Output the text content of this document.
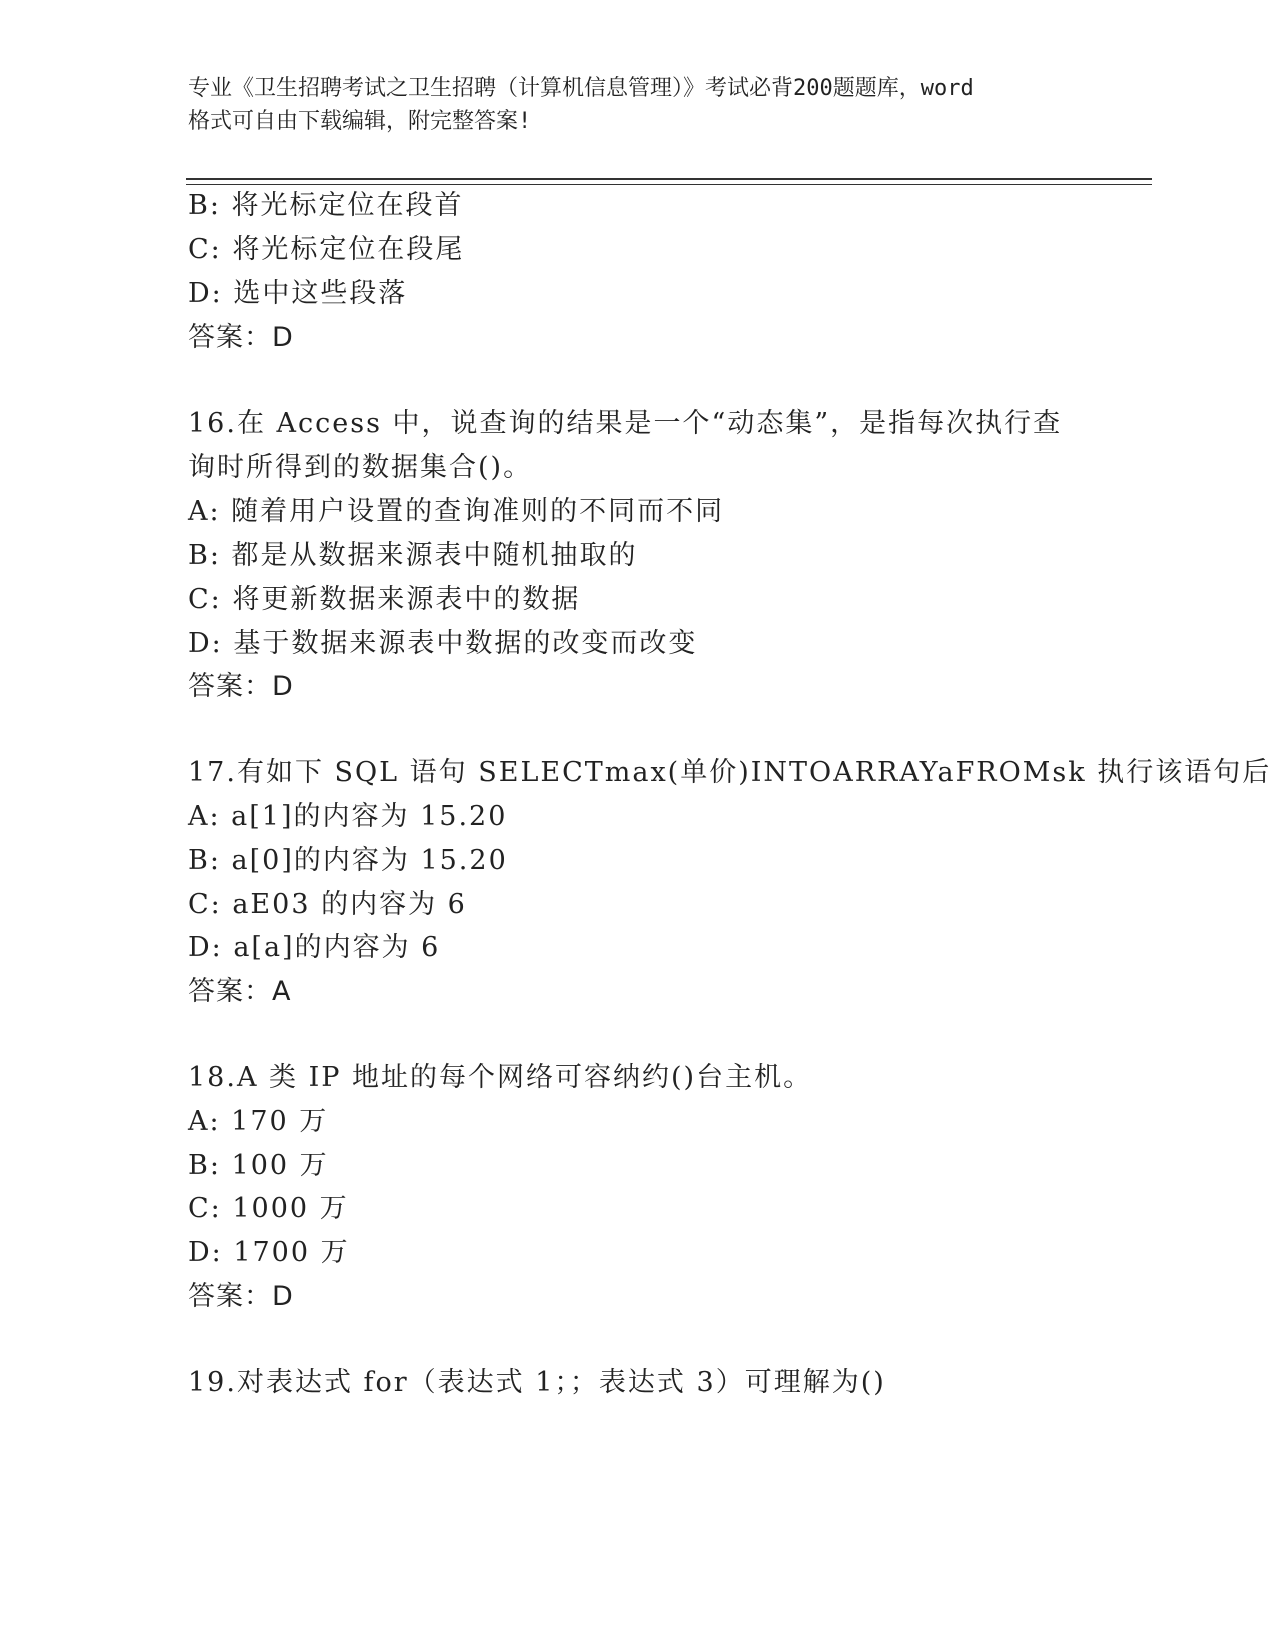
专业《卫生招聘考试之卫生招聘（计算机信息管理）》考试必背200题题库，word
格式可自由下载编辑，附完整答案!
B: 将光标定位在段首
C: 将光标定位在段尾
D: 选中这些段落
答案：D
16.在 Access 中，说查询的结果是一个“动态集”，是指每次执行查
询时所得到的数据集合()。
A: 随着用户设置的查询准则的不同而不同
B: 都是从数据来源表中随机抽取的
C: 将更新数据来源表中的数据
D: 基于数据来源表中数据的改变而改变
答案：D
17.有如下 SQL 语句 SELECTmax(单价)INTOARRAYaFROMsk 执行该语句后
A: a[1]的内容为 15.20
B: a[0]的内容为 15.20
C: aE03 的内容为 6
D: a[a]的内容为 6
答案：A
18.A 类 IP 地址的每个网络可容纳约()台主机。
A: 170 万
B: 100 万
C: 1000 万
D: 1700 万
答案：D
19.对表达式 for（表达式 1；；表达式 3）可理解为()
